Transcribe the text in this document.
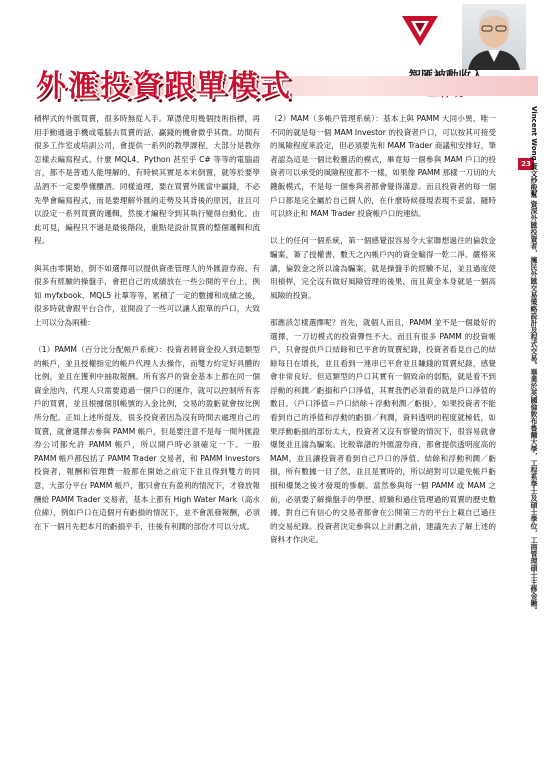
外滙投資跟單模式

積桿式的外匯買賣，很多時無從入手。單憑使用幾個技術指標，再用手動通過手機或電腦去買賣的話，贏錢的機會微乎其微。坊間有很多工作室或培訓公司，會提供一系列的教學課程，大部分是教你怎樣去編寫程式。什麼 MQL4、Python 甚至乎 C# 等等的電腦語言，都不是普通人能埋解的。有時候其實是本末倒置，就等於要學品酒不一定要學懂釀酒。同樣道理，要在買賣外匯當中贏錢，不必先學會編寫程式，而是要理解外匯的走勢及其背後的原因，並且可以設定一系列買賣的邏輯，然後才編程令到其執行變得自動化。由此可見，編程只不過是最後階段，重點是設計買賣的整個邏輯和流程。

與其由零開始，倒不如選擇可以提供資產管理人的外匯證券商。有很多有經驗的操盤手，會把自己的成績放在一些公開的平台上，例如 myfxbook、MQL5 社羣等等，累積了一定的數據和成績之後，很多時就會跟平台合作，並開設了一些可以讓人跟單的戶口，大致上可以分為兩種：

（1）PAMM（百分比分配帳戶系統）：投資者將資金投入到這類型的帳戶，並且授權指定的帳戶代理人去操作，而雙方約定好具體的比例，並且在獲利中抽取報酬。所有客戶的資金基本上都在同一個資金池內，代理人只需要通過一個戶口的運作，就可以控制所有客戶的買賣，並且根據個別帳號的入金比例，交易的盈虧就會按比例所分配。正如上述所提及，很多投資者因為沒有時間去處理自己的買賣，就會選擇去參與 PAMM 帳戶，但是要注意不是每一間外匯證券公司都允許 PAMM 帳戶，所以開戶時必須確定一下。一般 PAMM 帳戶都包括了 PAMM Trader 交易者，和 PAMM Investors 投資者，報酬和管理費一般都在開始之前定下並且得到雙方的同意，大部分平台 PAMM 帳戶，都只會在有盈利的情況下，才發放報酬給 PAMM Trader 交易者，基本上都有 High Water Mark（高水位線），例如戶口在這個月有虧損的情況下，並不會派發報酬，必須在下一個月先把本月的虧損平手，往後有利潤的部份才可以分成。

（2）MAM（多帳戶管理系統）：基本上與 PAMM 大同小異，唯一不同的就是每一個 MAM Investor 的投資者戶口，可以按其可接受的風險程度來設定，但必須要先和 MAM Trader 商議和安排好，筆者認為這是一個比較靈活的模式，畢竟每一個參與 MAM 戶口的投資者可以承受的風險程度都不一樣，如果像 PAMM 那樣一刀切的大鑊飯模式，不是每一個參與者都會覺得滿意。而且投資者的每一個戶口都是完全屬於自己個人的，在什麼時候發現表現不妥當，隨時可以終止和 MAM Trader 投資帳戶口的連結。

以上的任何一個系統，第一個感覺很容易令大家聯想過往的倫敦金騙案，簽了授權書，數天之內帳戶內的資金輸得一乾二淨。嚴格來講，倫敦金之所以淪為騙案，就是操盤手的經驗不足，並且過度使用槓桿，完全沒有做好風險管理的後果，而且黃金本身就是一個高風險的投資。

那應該怎樣選擇呢？首先，就個人而且，PAMM 並不是一個最好的選擇，一刀切模式的投資彈性不大。而且有很多 PAMM 的投資帳戶，只會提供戶口結餘和已平倉的買賣紀錄，投資者看見自己的結餘每日在增長，並且看到一連串已平倉並且賺錢的買賣紀錄，感覺會非常良好。但這類型的戶口其實有一個致命的弱點，就是看不到浮動的利潤／虧損和戶口淨值，其實我們必須看的就是戶口淨值的數目。（戶口淨值＝戶口結餘＋浮動利潤／虧損），如果投資者不能看到自己的淨值和浮動的虧損／利潤，資料透明的程度就極低，如果浮動虧損的部份太大，投資者又沒有察覺的情況下，很容易就會爆煲並且淪為騙案。比較靠譜的外匯證券商，都會提供透明度高的 MAM，並且讓投資者看到自己戶口的淨值、結餘和浮動利潤／虧損，所有數據一目了然，並且是實時的，所以絕對可以避免帳戶虧損和爆煲之後才發現的慘劇。當然參與每一個 PAMM 或 MAM 之前，必須要了解操盤手的學歷、經驗和過往管理過的買賣的歷史數據，對自己有信心的交易者都會在公開第三方的平台上載自己過往的交易紀錄。投資者決定參與以上計劃之前，建議先去了解上述的資料才作決定。

23
Vincent Wong 黃文炒殷幫 資深外匯投資者，擁民外匯交易策略設計及程式交易。畢業於英國倫敦布魯爾大學，工程系學士及碩士學位，工商管理碩士主修金融。
